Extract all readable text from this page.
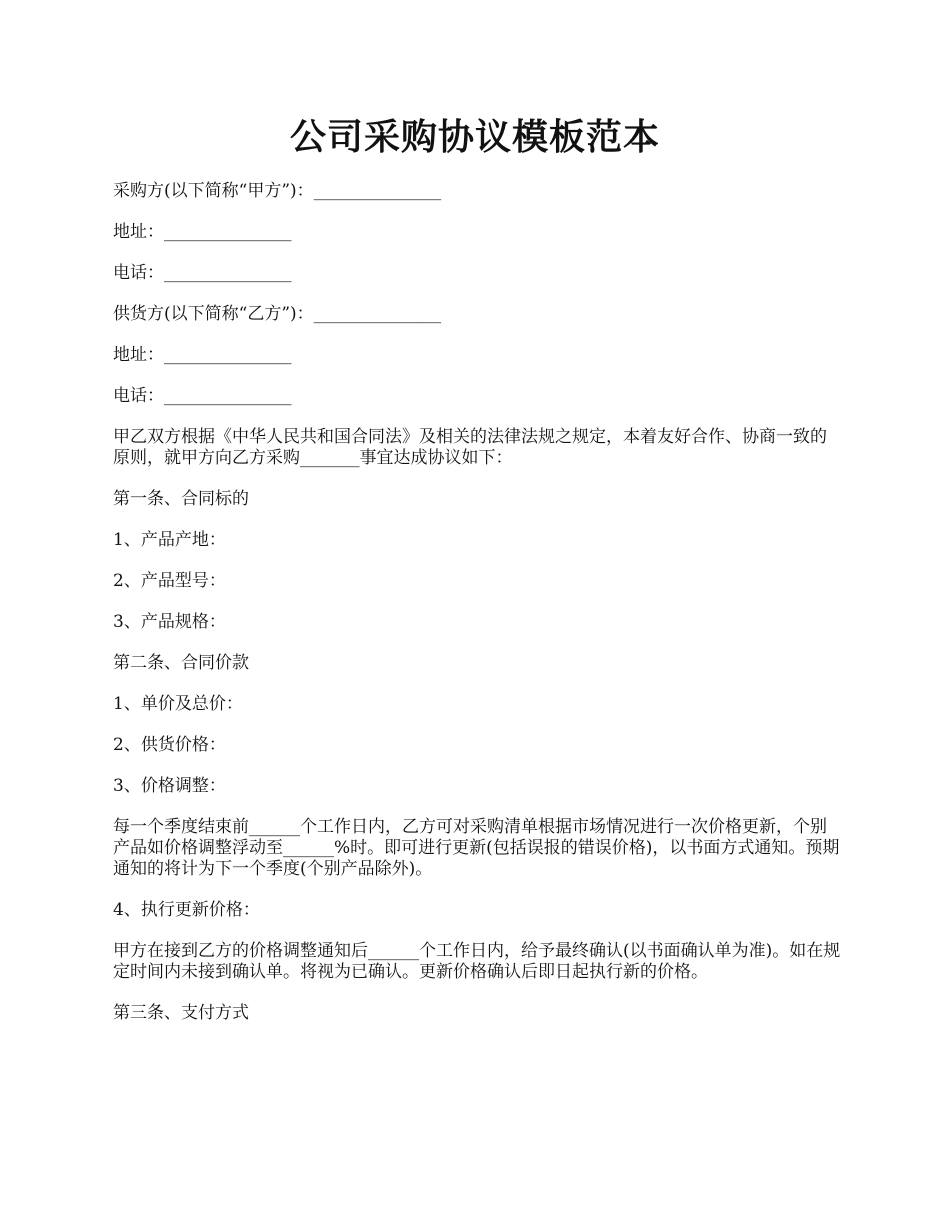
公司采购协议模板范本

采购方(以下简称“甲方”)：_______________

地址：_______________

电话：_______________

供货方(以下简称“乙方”)：_______________

地址：_______________

电话：_______________

甲乙双方根据《中华人民共和国合同法》及相关的法律法规之规定，本着友好合作、协商一致的原则，就甲方向乙方采购_______事宜达成协议如下：

第一条、合同标的

1、产品产地：

2、产品型号：

3、产品规格：

第二条、合同价款

1、单价及总价：

2、供货价格：

3、价格调整：

每一个季度结束前______个工作日内，乙方可对采购清单根据市场情况进行一次价格更新，个别产品如价格调整浮动至______%时。即可进行更新(包括误报的错误价格)，以书面方式通知。预期通知的将计为下一个季度(个别产品除外)。

4、执行更新价格：

甲方在接到乙方的价格调整通知后______个工作日内，给予最终确认(以书面确认单为准)。如在规定时间内未接到确认单。将视为已确认。更新价格确认后即日起执行新的价格。

第三条、支付方式
